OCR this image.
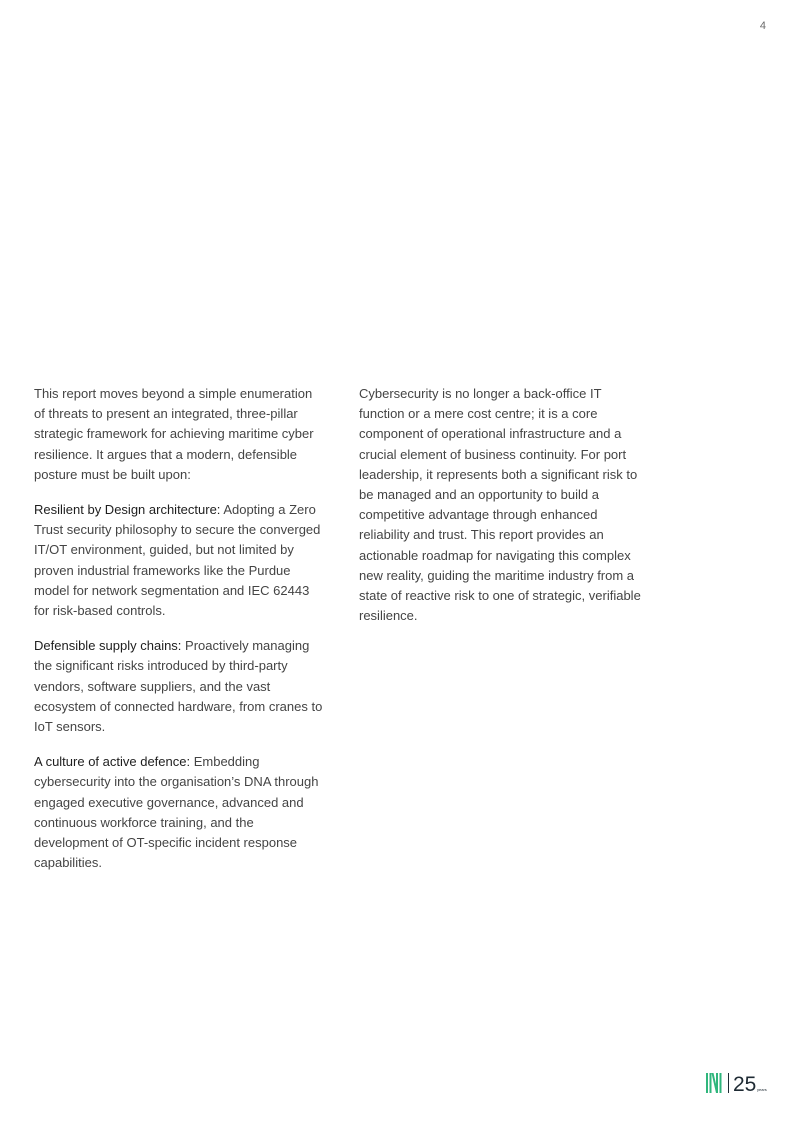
4

This report moves beyond a simple enumeration of threats to present an integrated, three-pillar strategic framework for achieving maritime cyber resilience. It argues that a modern, defensible posture must be built upon:

Resilient by Design architecture: Adopting a Zero Trust security philosophy to secure the converged IT/OT environment, guided, but not limited by proven industrial frameworks like the Purdue model for network segmentation and IEC 62443 for risk-based controls.

Defensible supply chains: Proactively managing the significant risks introduced by third-party vendors, software suppliers, and the vast ecosystem of connected hardware, from cranes to IoT sensors.

A culture of active defence: Embedding cybersecurity into the organisation’s DNA through engaged executive governance, advanced and continuous workforce training, and the development of OT-specific incident response capabilities.

Cybersecurity is no longer a back-office IT function or a mere cost centre; it is a core component of operational infrastructure and a crucial element of business continuity. For port leadership, it represents both a significant risk to be managed and an opportunity to build a competitive advantage through enhanced reliability and trust. This report provides an actionable roadmap for navigating this complex new reality, guiding the maritime industry from a state of reactive risk to one of strategic, verifiable resilience.

25 years
